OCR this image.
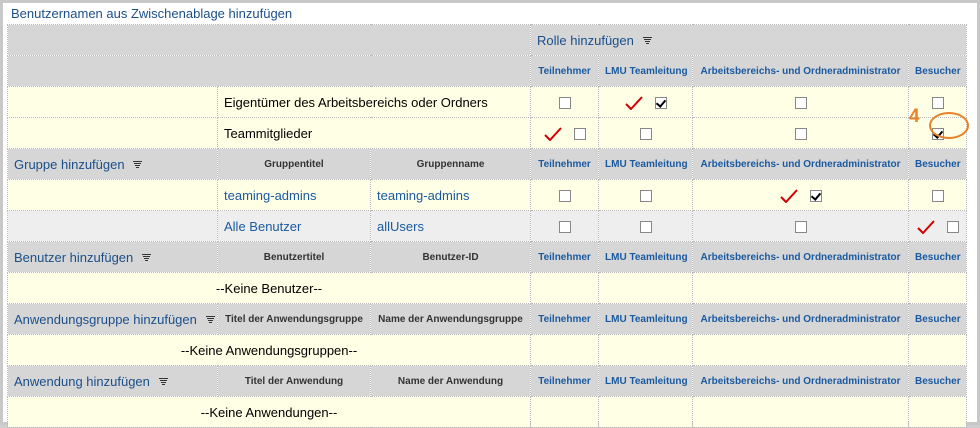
Benutzernamen aus Zwischenablage hinzufügen
			Rolle hinzufügen			
			Teilnehmer	LMU Teamleitung	Arbeitsbereichs- und Ordneradministrator	Besucher
	Eigentümer des Arbeitsbereichs oder Ordners				
	Teammitglieder				
Gruppe hinzufügen	Gruppentitel	Gruppenname	Teilnehmer	LMU Teamleitung	Arbeitsbereichs- und Ordneradministrator	Besucher
	teaming-admins	teaming-admins				
	Alle Benutzer	allUsers				
Benutzer hinzufügen	Benutzertitel	Benutzer-ID	Teilnehmer	LMU Teamleitung	Arbeitsbereichs- und Ordneradministrator	Besucher
--Keine Benutzer--						
Anwendungsgruppe hinzufügen	Titel der Anwendungsgruppe	Name der Anwendungsgruppe	Teilnehmer	LMU Teamleitung	Arbeitsbereichs- und Ordneradministrator	Besucher
--Keine Anwendungsgruppen--						
Anwendung hinzufügen	Titel der Anwendung	Name der Anwendung	Teilnehmer	LMU Teamleitung	Arbeitsbereichs- und Ordneradministrator	Besucher
--Keine Anwendungen--						
4
